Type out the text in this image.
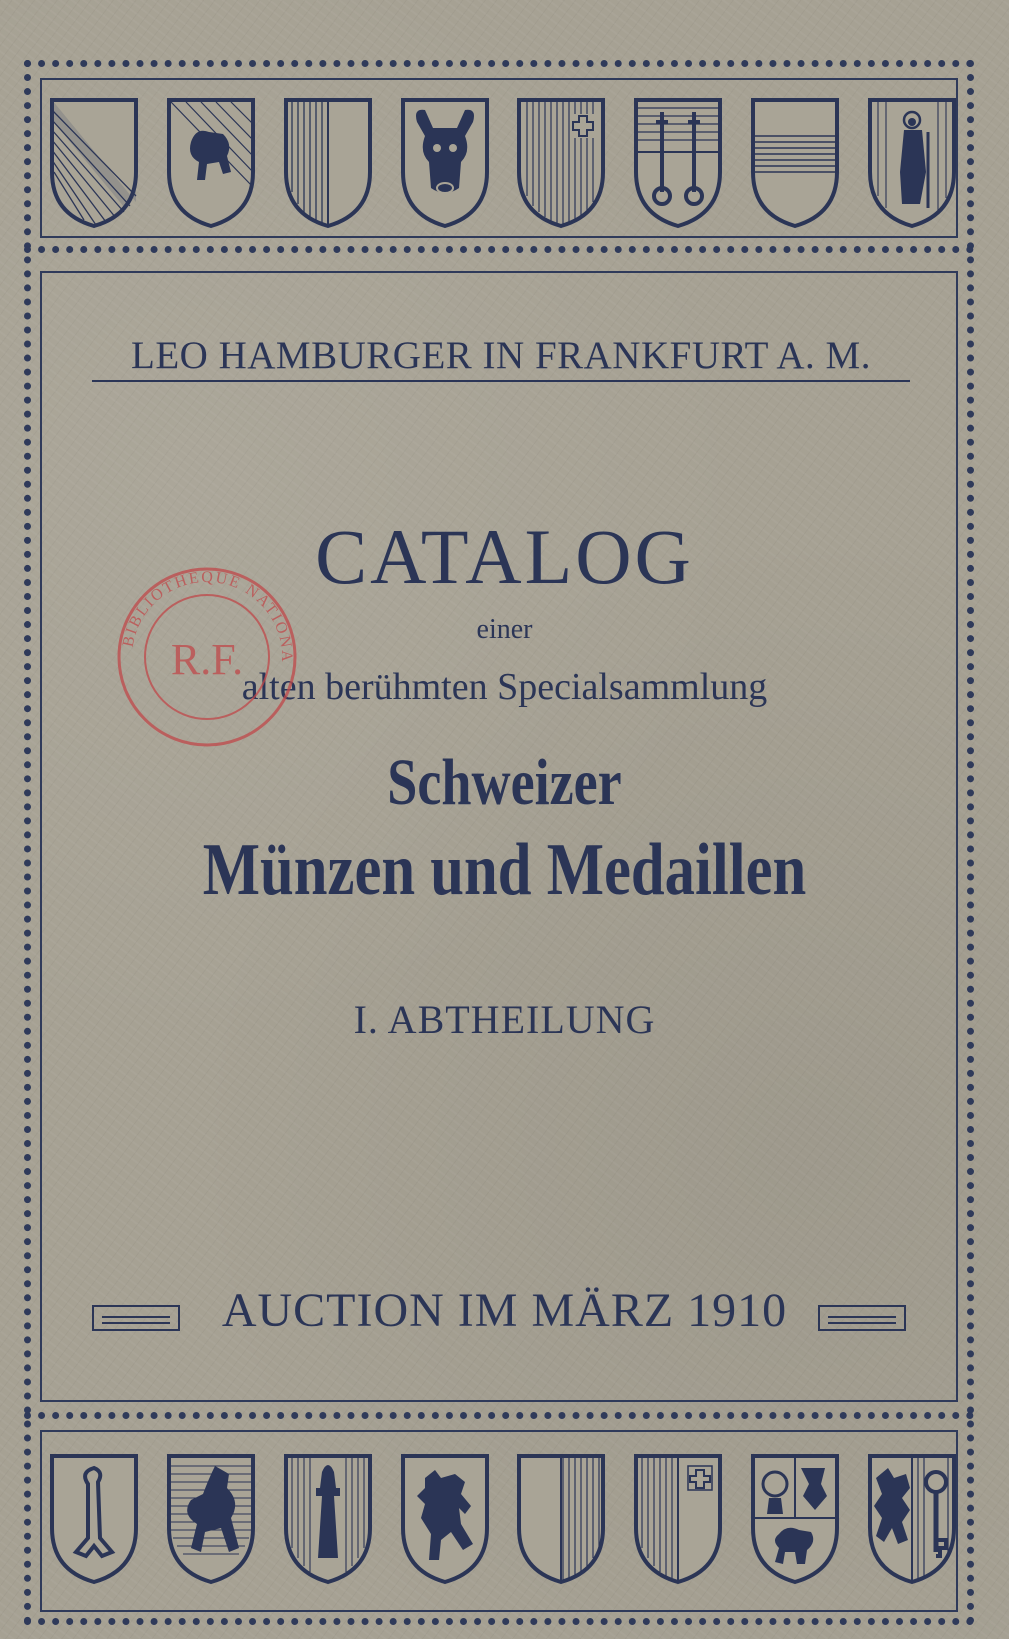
LEO HAMBURGER IN FRANKFURT A. M.
CATALOG
einer
alten berühmten Specialsammlung
Schweizer
Münzen und Medaillen
I. ABTHEILUNG
AUCTION IM MÄRZ 1910
BIBLIOTHÈQUE NATIONA
R.F.
